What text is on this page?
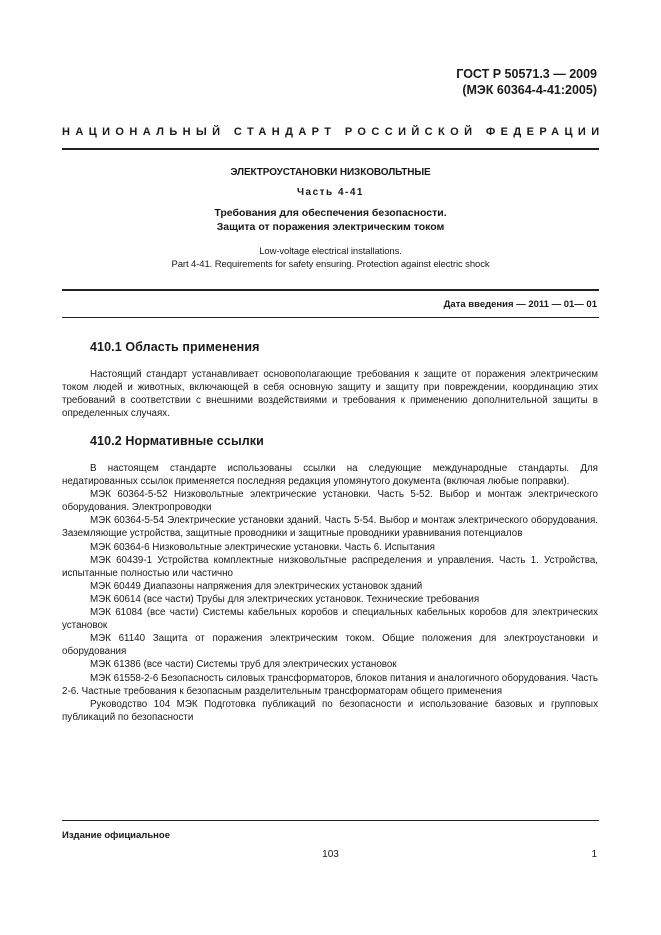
ГОСТ Р 50571.3 — 2009
(МЭК 60364-4-41:2005)
НАЦИОНАЛЬНЫЙ СТАНДАРТ РОССИЙСКОЙ ФЕДЕРАЦИИ
ЭЛЕКТРОУСТАНОВКИ НИЗКОВОЛЬТНЫЕ
Часть 4-41
Требования для обеспечения безопасности.
Защита от поражения электрическим током
Low-voltage electrical installations.
Part 4-41. Requirements for safety ensuring. Protection against electric shock
Дата введения — 2011 — 01— 01
410.1 Область применения
Настоящий стандарт устанавливает основополагающие требования к защите от поражения электрическим током людей и животных, включающей в себя основную защиту и защиту при повреждении, координацию этих требований в соответствии с внешними воздействиями и требования к применению дополнительной защиты в определенных случаях.
410.2 Нормативные ссылки

В настоящем стандарте использованы ссылки на следующие международные стандарты. Для недатированных ссылок применяется последняя редакция упомянутого документа (включая любые поправки).

МЭК 60364-5-52 Низковольтные электрические установки. Часть 5-52. Выбор и монтаж электрического оборудования. Электропроводки

МЭК 60364-5-54 Электрические установки зданий. Часть 5-54. Выбор и монтаж электрического оборудования. Заземляющие устройства, защитные проводники и защитные проводники уравнивания потенциалов

МЭК 60364-6 Низковольтные электрические установки. Часть 6. Испытания

МЭК 60439-1 Устройства комплектные низковольтные распределения и управления. Часть 1. Устройства, испытанные полностью или частично

МЭК 60449 Диапазоны напряжения для электрических установок зданий

МЭК 60614 (все части) Трубы для электрических установок. Технические требования

МЭК 61084 (все части) Системы кабельных коробов и специальных кабельных коробов для электрических установок

МЭК 61140 Защита от поражения электрическим током. Общие положения для электроустановки и оборудования

МЭК 61386 (все части) Системы труб для электрических установок

МЭК 61558-2-6 Безопасность силовых трансформаторов, блоков питания и аналогичного оборудования. Часть 2-6. Частные требования к безопасным разделительным трансформаторам общего применения

Руководство 104 МЭК Подготовка публикаций по безопасности и использование базовых и групповых публикаций по безопасности

Издание официальное
103	1
